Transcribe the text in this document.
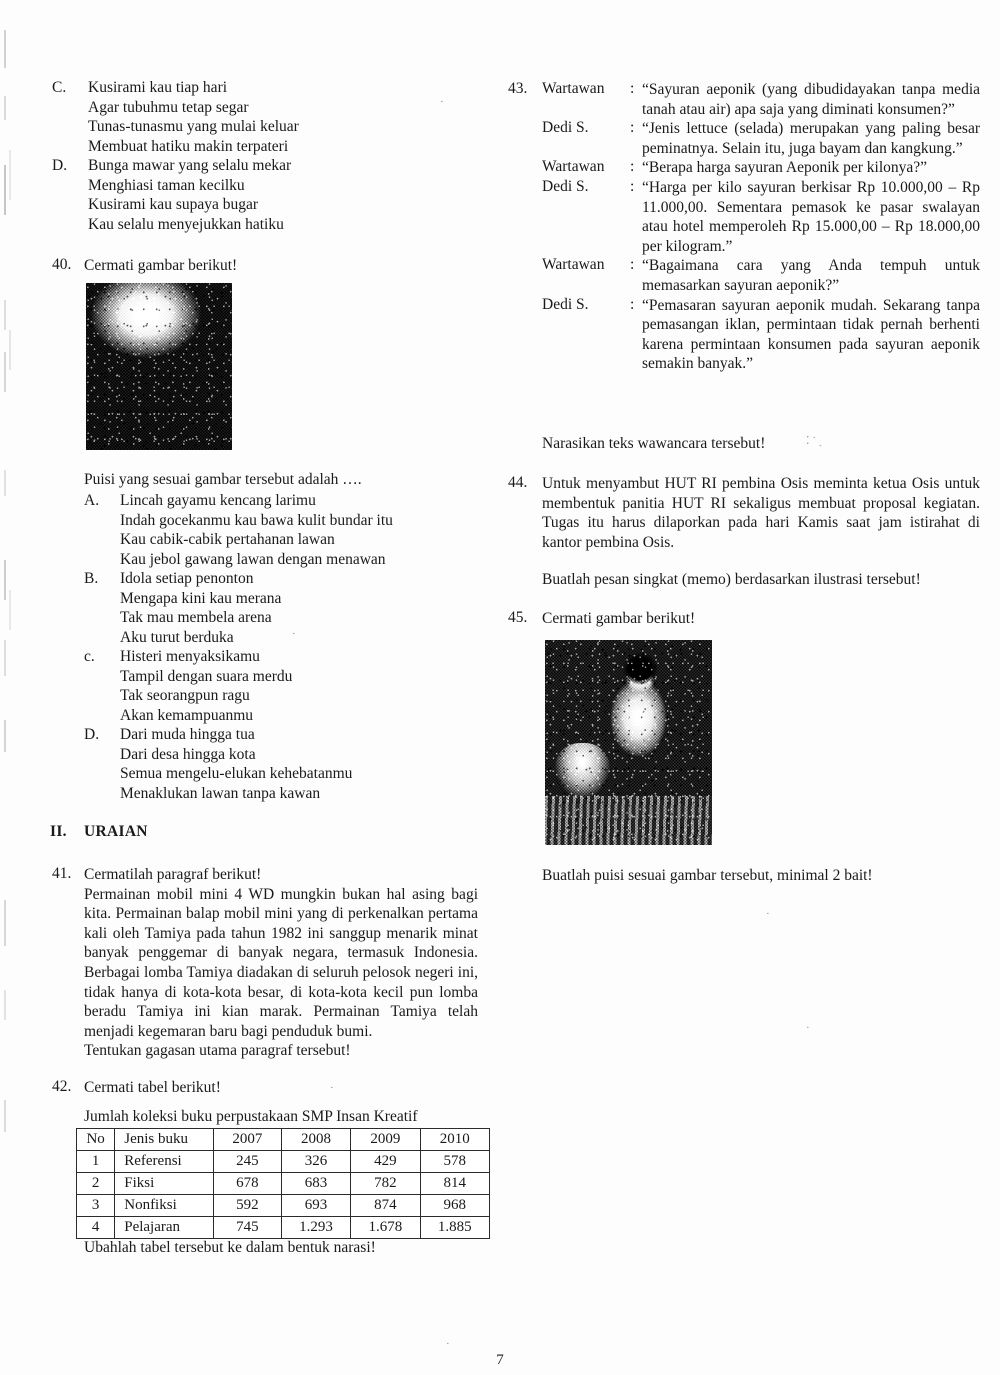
·
·
⁚ ˙ ˎ
·
·
·
·
C.	Kusirami kau tiap hari
Agar tubuhmu tetap segar
Tunas-tunasmu yang mulai keluar
Membuat hatiku makin terpateri
D.	Bunga mawar yang selalu mekar
Menghiasi taman kecilku
Kusirami kau supaya bugar
Kau selalu menyejukkan hatiku
40. Cermati gambar berikut!
Puisi yang sesuai gambar tersebut adalah ….
A.	Lincah gayamu kencang larimu
Indah gocekanmu kau bawa kulit bundar itu
Kau cabik-cabik pertahanan lawan
Kau jebol gawang lawan dengan menawan
B.	Idola setiap penonton
Mengapa kini kau merana
Tak mau membela arena
Aku turut berduka
c.	Histeri menyaksikamu
Tampil dengan suara merdu
Tak seorangpun ragu
Akan kemampuanmu
D.	Dari muda hingga tua
Dari desa hingga kota
Semua mengelu-elukan kehebatanmu
Menaklukan lawan tanpa kawan
II. URAIAN
41. Cermatilah paragraf berikut!
Permainan mobil mini 4 WD mungkin bukan hal asing bagi kita. Permainan balap mobil mini yang di perkenalkan pertama kali oleh Tamiya pada tahun 1982 ini sanggup menarik minat banyak penggemar di banyak negara, termasuk Indonesia. Berbagai lomba Tamiya diadakan di seluruh pelosok negeri ini, tidak hanya di kota-kota besar, di kota-kota kecil pun lomba beradu Tamiya ini kian marak. Permainan Tamiya telah menjadi kegemaran baru bagi penduduk bumi.
Tentukan gagasan utama paragraf tersebut!
42. Cermati tabel berikut!
Jumlah koleksi buku perpustakaan SMP Insan Kreatif
No	Jenis buku	2007	2008	2009	2010
1	Referensi	245	326	429	578
2	Fiksi	678	683	782	814
3	Nonfiksi	592	693	874	968
4	Pelajaran	745	1.293	1.678	1.885
Ubahlah tabel tersebut ke dalam bentuk narasi!
43. Wartawan : “Sayuran aeponik (yang dibudidayakan tanpa media tanah atau air) apa saja yang diminati konsumen?”
Dedi S.	: “Jenis lettuce (selada) merupakan yang paling besar peminatnya. Selain itu, juga bayam dan kangkung.”
Wartawan : “Berapa harga sayuran Aeponik per kilonya?”
Dedi S.	: “Harga per kilo sayuran berkisar Rp 10.000,00 – Rp 11.000,00. Sementara pemasok ke pasar swalayan atau hotel memperoleh Rp 15.000,00 – Rp 18.000,00 per kilogram.”
Wartawan : “Bagaimana cara yang Anda tempuh untuk memasarkan sayuran aeponik?”
Dedi S.	: “Pemasaran sayuran aeponik mudah. Sekarang tanpa pemasangan iklan, permintaan tidak pernah berhenti karena permintaan konsumen pada sayuran aeponik semakin banyak.”
Narasikan teks wawancara tersebut!
44. Untuk menyambut HUT RI pembina Osis meminta ketua Osis untuk membentuk panitia HUT RI sekaligus membuat proposal kegiatan. Tugas itu harus dilaporkan pada hari Kamis saat jam istirahat di kantor pembina Osis.
Buatlah pesan singkat (memo) berdasarkan ilustrasi tersebut!
45. Cermati gambar berikut!
Buatlah puisi sesuai gambar tersebut, minimal 2 bait!
7
